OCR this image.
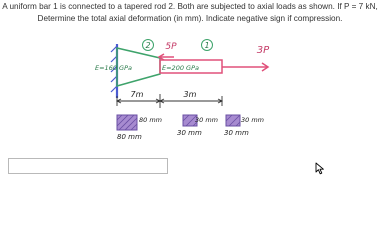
A uniform bar 1 is connected to a tapered rod 2. Both are subjected to axial loads as shown. If P = 7 kN,
Determine the total axial deformation (in mm). Indicate negative sign if compression.
2 5P	1	3P
E=160 GPa	E=200 GPa
7m	3m
80 mm
80 mm
30 mm
30 mm
30 mm
30 mm
